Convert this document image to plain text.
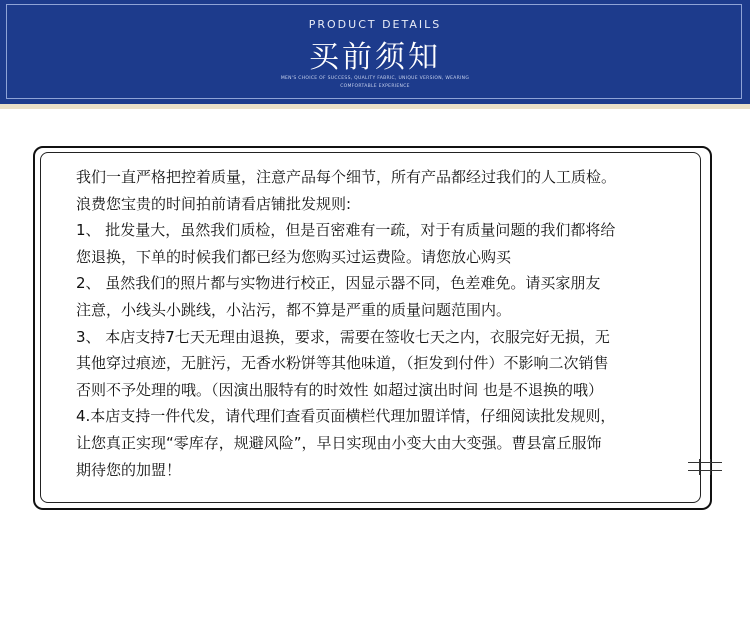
PRODUCT DETAILS
买前须知
MEN'S CHOICE OF SUCCESS, QUALITY FABRIC, UNIQUE VERSION, WEARING
COMFORTABLE EXPERIENCE
我们一直严格把控着质量，注意产品每个细节，所有产品都经过我们的人工质检。
浪费您宝贵的时间拍前请看店铺批发规则:
1、 批发量大，虽然我们质检，但是百密难有一疏，对于有质量问题的我们都将给
您退换，下单的时候我们都已经为您购买过运费险。请您放心购买
2、 虽然我们的照片都与实物进行校正，因显示器不同，色差难免。请买家朋友
注意，小线头小跳线，小沾污，都不算是严重的质量问题范围内。
3、 本店支持7七天无理由退换，要求，需要在签收七天之内，衣服完好无损，无
其他穿过痕迹，无脏污，无香水粉饼等其他味道，（拒发到付件）不影响二次销售
否则不予处理的哦。（因演出服特有的时效性 如超过演出时间 也是不退换的哦）
4.本店支持一件代发，请代理们查看页面横栏代理加盟详情，仔细阅读批发规则，
让您真正实现“零库存，规避风险”，早日实现由小变大由大变强。曹县富丘服饰
期待您的加盟！
